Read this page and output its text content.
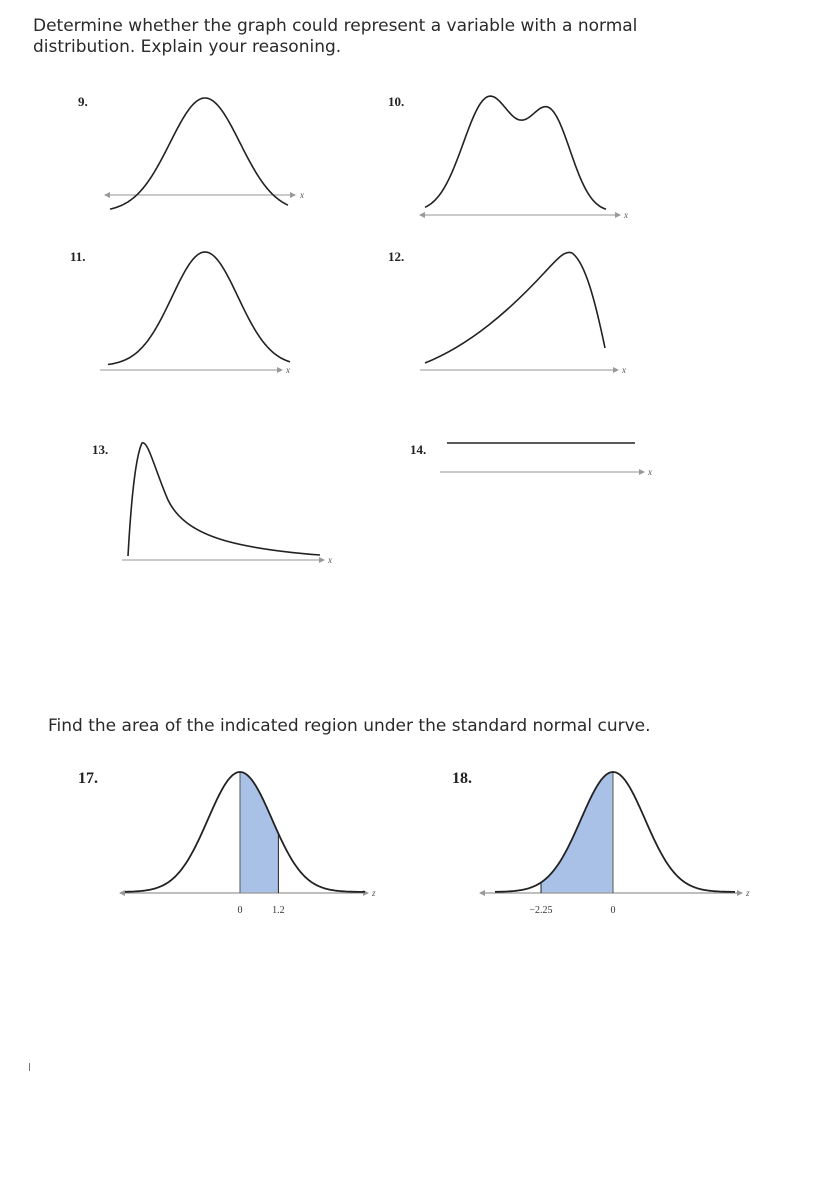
Determine whether the graph could represent a variable with a normal
distribution. Explain your reasoning.
9.	10.
11.	12.
13.	14.
Find the area of the indicated region under the standard normal curve.
17.	18.
x
x
x	x
x
x
z
0	1.2
z
−2.25	0
